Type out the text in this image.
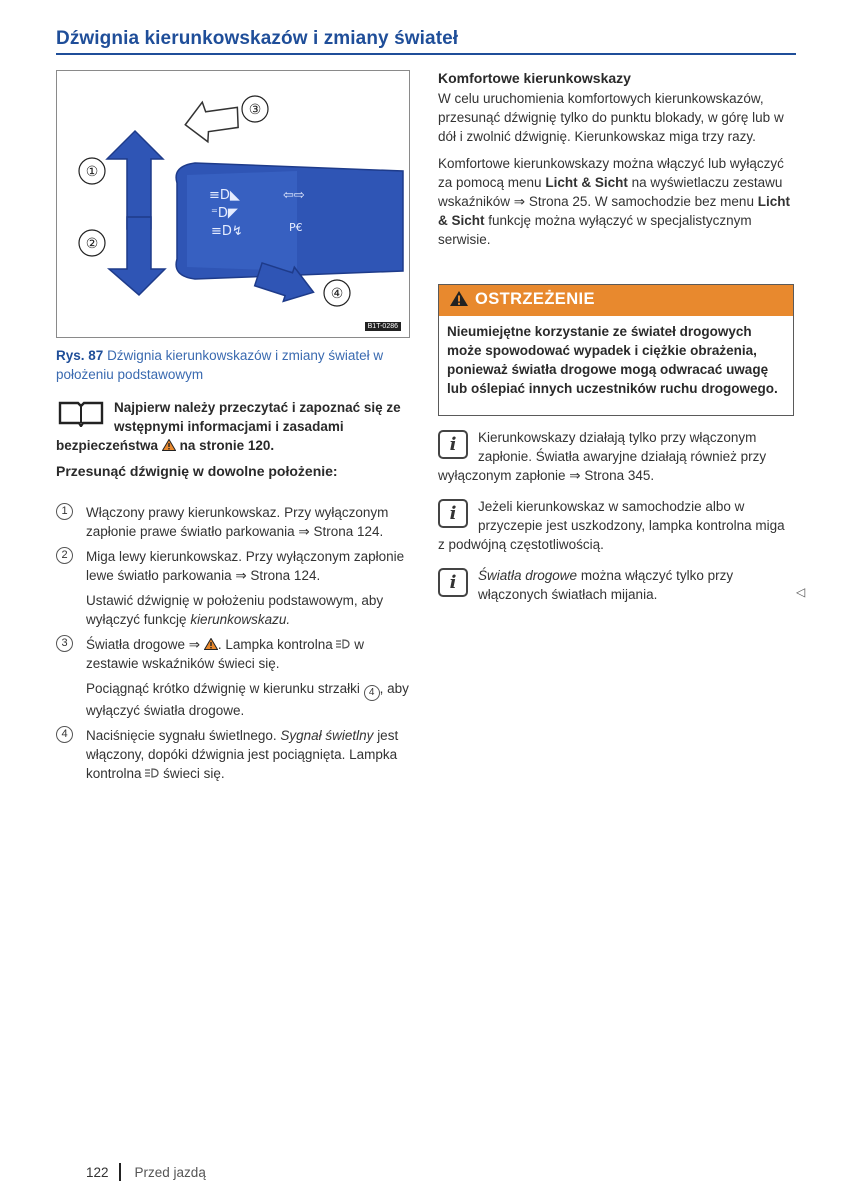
Dźwignia kierunkowskazów i zmiany świateł
≡D◣
⁼D◤
≡D↯
⇦⇨
P€
①
②
③
④
B1T-0286
Rys. 87 Dźwignia kierunkowskazów i zmiany świateł w położeniu podstawowym
Najpierw należy przeczytać i zapoznać się ze wstępnymi informacjami i zasadami bezpieczeństwa na stronie 120.
Przesunąć dźwignię w dowolne położenie:
1	Włączony prawy kierunkowskaz. Przy wyłączonym zapłonie prawe światło parkowania ⇒ Strona 124.

2	Miga lewy kierunkowskaz. Przy wyłączonym zapłonie lewe światło parkowania ⇒ Strona 124.

Ustawić dźwignię w położeniu podstawowym, aby wyłączyć funkcję kierunkowskazu.

3	Światła drogowe ⇒ . Lampka kontrolna w zestawie wskaźników świeci się.

Pociągnąć krótko dźwignię w kierunku strzałki 4 , aby wyłączyć światła drogowe.

4	Naciśnięcie sygnału świetlnego. Sygnał świetlny jest włączony, dopóki dźwignia jest pociągnięta. Lampka kontrolna świeci się.

Komfortowe kierunkowskazy
W celu uruchomienia komfortowych kierunkowskazów, przesunąć dźwignię tylko do punktu blokady, w górę lub w dół i zwolnić dźwignię. Kierunkowskaz miga trzy razy.
Komfortowe kierunkowskazy można włączyć lub wyłączyć za pomocą menu Licht & Sicht na wyświetlaczu zestawu wskaźników ⇒ Strona 25. W samochodzie bez menu Licht & Sicht funkcję można wyłączyć w specjalistycznym serwisie.
OSTRZEŻENIE
Nieumiejętne korzystanie ze świateł drogowych może spowodować wypadek i ciężkie obrażenia, ponieważ światła drogowe mogą odwracać uwagę lub oślepiać innych uczestników ruchu drogowego.
i	Kierunkowskazy działają tylko przy włączonym zapłonie. Światła awaryjne działają również przy wyłączonym zapłonie ⇒ Strona 345.
i	Jeżeli kierunkowskaz w samochodzie albo w przyczepie jest uszkodzony, lampka kontrolna miga z podwójną częstotliwością.
i	Światła drogowe można włączyć tylko przy włączonych światłach mijania.	◁
122 Przed jazdą
